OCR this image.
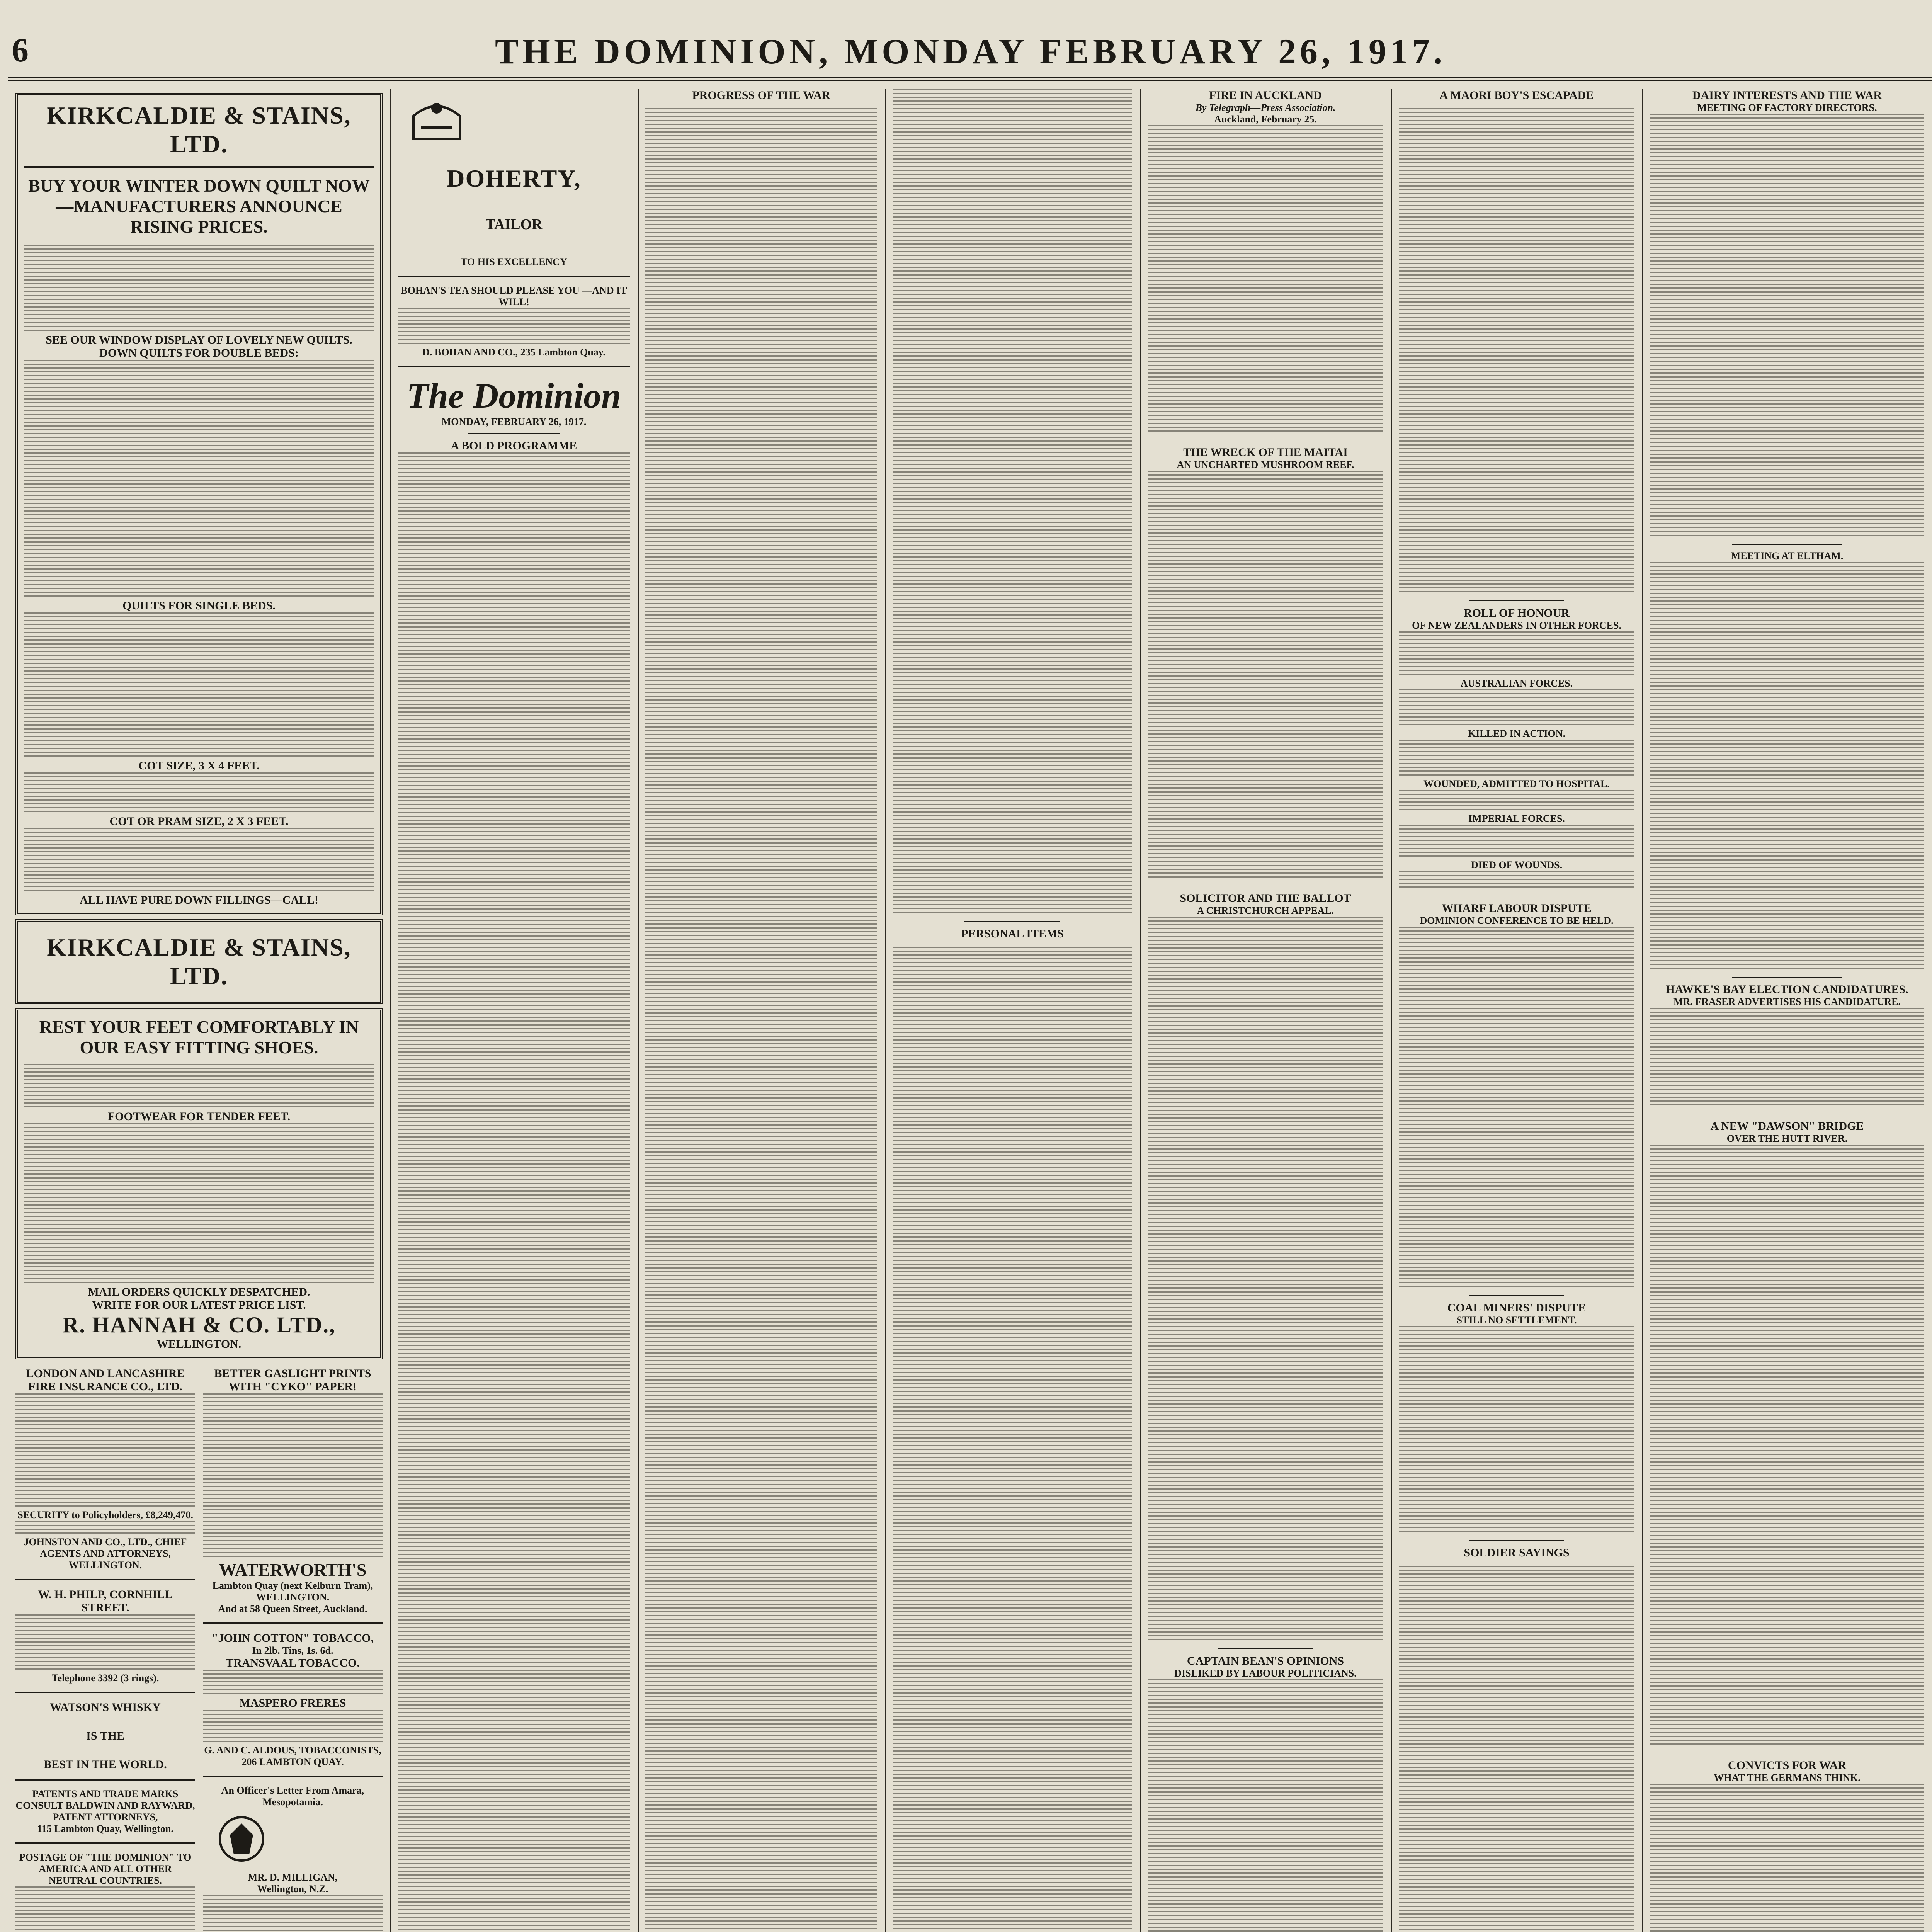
6	THE DOMINION, MONDAY FEBRUARY 26, 1917.

KIRKCALDIE & STAINS, LTD.

BUY YOUR WINTER DOWN QUILT NOW—MANUFACTURERS ANNOUNCE RISING PRICES.

SEE OUR WINDOW DISPLAY OF LOVELY NEW QUILTS.

DOWN QUILTS FOR DOUBLE BEDS:

QUILTS FOR SINGLE BEDS.

COT SIZE, 3 X 4 FEET.

COT OR PRAM SIZE, 2 X 3 FEET.

ALL HAVE PURE DOWN FILLINGS—CALL!

KIRKCALDIE & STAINS, LTD.

REST YOUR FEET COMFORTABLY IN OUR EASY FITTING SHOES.

FOOTWEAR FOR TENDER FEET.

MAIL ORDERS QUICKLY DESPATCHED.

WRITE FOR OUR LATEST PRICE LIST.

R. HANNAH & CO. LTD.,

WELLINGTON.

LONDON AND LANCASHIRE FIRE INSURANCE CO., LTD.

SECURITY to Policyholders, £8,249,470.

JOHNSTON AND CO., LTD., CHIEF AGENTS AND ATTORNEYS, WELLINGTON.

W. H. PHILP, CORNHILL STREET.

Telephone 3392 (3 rings).

WATSON'S WHISKY

IS THE

BEST IN THE WORLD.

PATENTS AND TRADE MARKS CONSULT BALDWIN AND RAYWARD, PATENT ATTORNEYS,

115 Lambton Quay, Wellington.

POSTAGE OF "THE DOMINION" TO AMERICA AND ALL OTHER NEUTRAL COUNTRIES.

BETTER GASLIGHT PRINTS WITH "CYKO" PAPER!

WATERWORTH'S

Lambton Quay (next Kelburn Tram), WELLINGTON.

And at 58 Queen Street, Auckland.

"JOHN COTTON" TOBACCO,

In 2lb. Tins, 1s. 6d.

TRANSVAAL TOBACCO.

MASPERO FRERES

G. AND C. ALDOUS, TOBACCONISTS, 206 LAMBTON QUAY.

An Officer's Letter From Amara, Mesopotamia.

MR. D. MILLIGAN,

Wellington, N.Z.

DOHERTY,

TAILOR

TO HIS EXCELLENCY

BOHAN'S TEA SHOULD PLEASE YOU —AND IT WILL!

D. BOHAN AND CO., 235 Lambton Quay.

The Dominion

MONDAY, FEBRUARY 26, 1917.

A BOLD PROGRAMME

PROGRESS OF THE WAR

PERSONAL ITEMS

FIRE IN AUCKLAND

By Telegraph—Press Association.

Auckland, February 25.

THE WRECK OF THE MAITAI

AN UNCHARTED MUSHROOM REEF.

SOLICITOR AND THE BALLOT

A CHRISTCHURCH APPEAL.

CAPTAIN BEAN'S OPINIONS

DISLIKED BY LABOUR POLITICIANS.

A MAORI BOY'S ESCAPADE

ROLL OF HONOUR

OF NEW ZEALANDERS IN OTHER FORCES.

AUSTRALIAN FORCES.

KILLED IN ACTION.

WOUNDED, ADMITTED TO HOSPITAL.

IMPERIAL FORCES.

DIED OF WOUNDS.

WHARF LABOUR DISPUTE

DOMINION CONFERENCE TO BE HELD.

COAL MINERS' DISPUTE

STILL NO SETTLEMENT.

SOLDIER SAYINGS

DAIRY INTERESTS AND THE WAR

MEETING OF FACTORY DIRECTORS.

MEETING AT ELTHAM.

HAWKE'S BAY ELECTION CANDIDATURES.

MR. FRASER ADVERTISES HIS CANDIDATURE.

A NEW "DAWSON" BRIDGE

OVER THE HUTT RIVER.

CONVICTS FOR WAR

WHAT THE GERMANS THINK.
